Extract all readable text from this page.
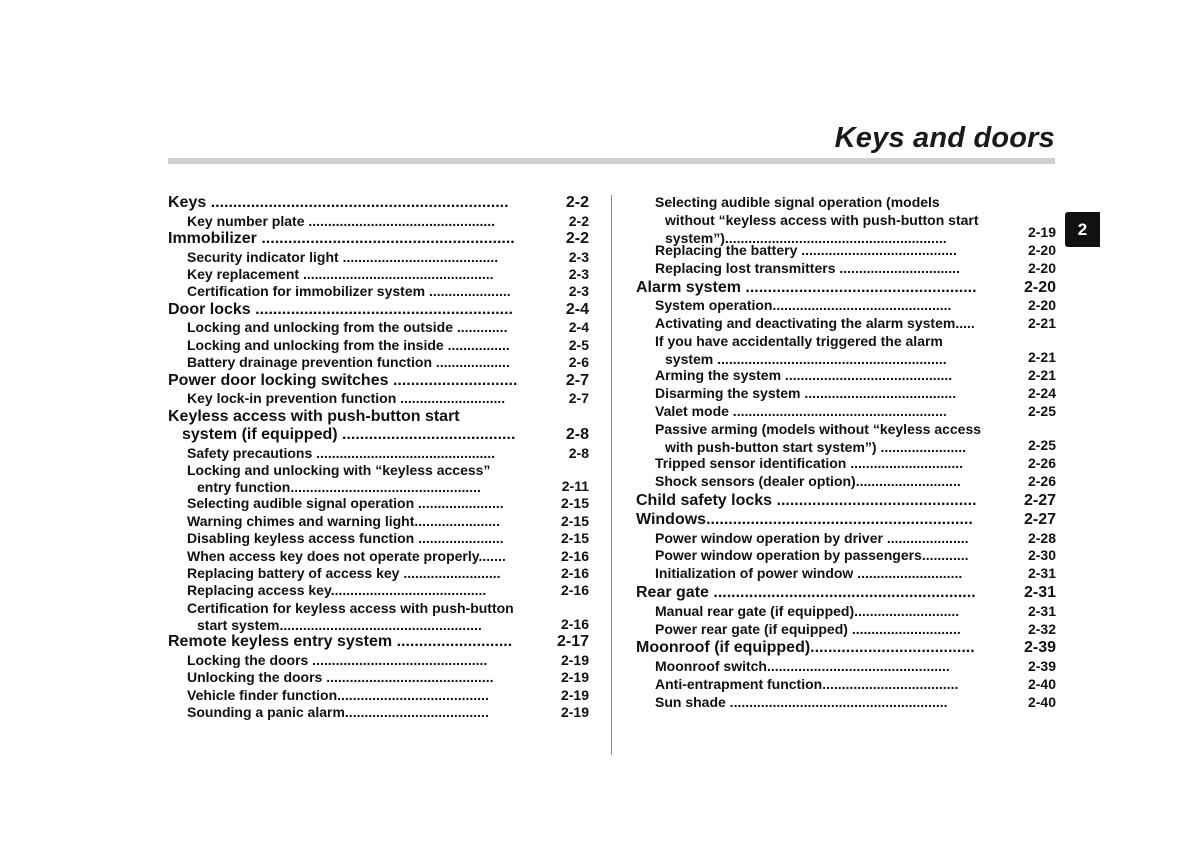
Keys and doors
2
Keys ...................................................................	2-2
Key number plate ................................................	2-2
Immobilizer .........................................................	2-2
Security indicator light ........................................	2-3
Key replacement .................................................	2-3
Certification for immobilizer system .....................	2-3
Door locks ..........................................................	2-4
Locking and unlocking from the outside .............	2-4
Locking and unlocking from the inside ................	2-5
Battery drainage prevention function ...................	2-6
Power door locking switches ............................	2-7
Key lock-in prevention function ...........................	2-7
Keyless access with push-button start
system (if equipped) .......................................	2-8
Safety precautions ..............................................	2-8
Locking and unlocking with “keyless access”
entry function.................................................	2-11
Selecting audible signal operation ......................	2-15
Warning chimes and warning light......................	2-15
Disabling keyless access function ......................	2-15
When access key does not operate properly.......	2-16
Replacing battery of access key .........................	2-16
Replacing access key........................................	2-16
Certification for keyless access with push-button
start system....................................................	2-16
Remote keyless entry system ..........................	2-17
Locking the doors .............................................	2-19
Unlocking the doors ...........................................	2-19
Vehicle finder function.......................................	2-19
Sounding a panic alarm.....................................	2-19
Selecting audible signal operation (models
without “keyless access with push-button start
system”).........................................................	2-19
Replacing the battery ........................................	2-20
Replacing lost transmitters ...............................	2-20
Alarm system ....................................................	2-20
System operation..............................................	2-20
Activating and deactivating the alarm system.....	2-21
If you have accidentally triggered the alarm
system ...........................................................	2-21
Arming the system ...........................................	2-21
Disarming the system .......................................	2-24
Valet mode .......................................................	2-25
Passive arming (models without “keyless access
with push-button start system”) ......................	2-25
Tripped sensor identification .............................	2-26
Shock sensors (dealer option)...........................	2-26
Child safety locks .............................................	2-27
Windows............................................................	2-27
Power window operation by driver .....................	2-28
Power window operation by passengers............	2-30
Initialization of power window ...........................	2-31
Rear gate ...........................................................	2-31
Manual rear gate (if equipped)...........................	2-31
Power rear gate (if equipped) ............................	2-32
Moonroof (if equipped).....................................	2-39
Moonroof switch...............................................	2-39
Anti-entrapment function...................................	2-40
Sun shade ........................................................	2-40
